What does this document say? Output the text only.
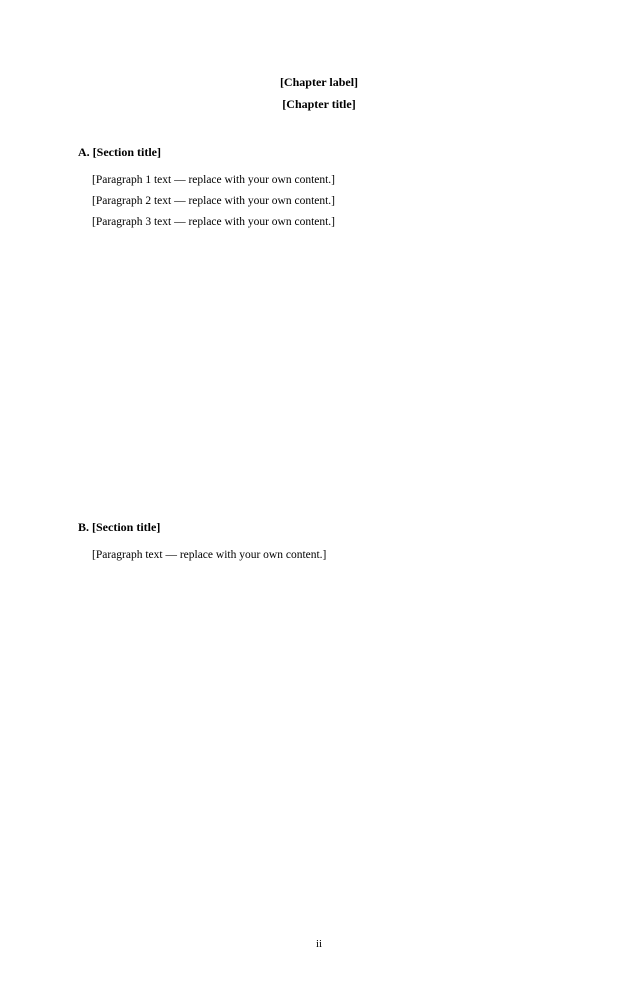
[Chapter label]
[Chapter title]
A. [Section title]

[Paragraph 1 text — replace with your own content.]

[Paragraph 2 text — replace with your own content.]

[Paragraph 3 text — replace with your own content.]

B. [Section title]

[Paragraph text — replace with your own content.]

ii
